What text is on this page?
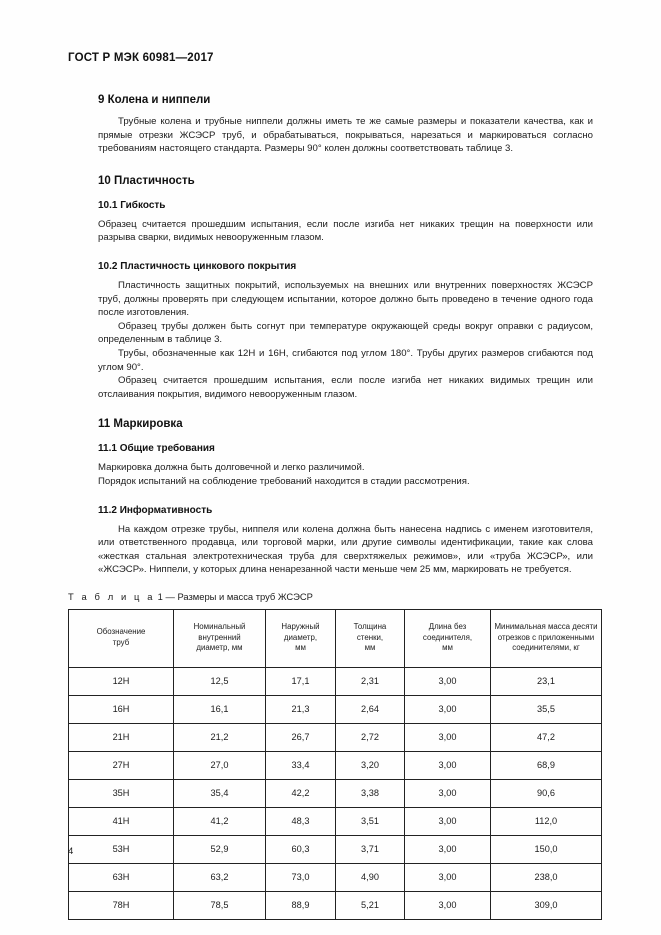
ГОСТ Р МЭК 60981—2017
9 Колена и ниппели

Трубные колена и трубные ниппели должны иметь те же самые размеры и показатели качества, как и прямые отрезки ЖСЭСР труб, и обрабатываться, покрываться, нарезаться и маркироваться согласно требованиям настоящего стандарта. Размеры 90° колен должны соответствовать таблице 3.

10 Пластичность
10.1 Гибкость

Образец считается прошедшим испытания, если после изгиба нет никаких трещин на поверхности или разрыва сварки, видимых невооруженным глазом.

10.2 Пластичность цинкового покрытия

Пластичность защитных покрытий, используемых на внешних или внутренних поверхностях ЖСЭСР труб, должны проверять при следующем испытании, которое должно быть проведено в течение одного года после изготовления.

Образец трубы должен быть согнут при температуре окружающей среды вокруг оправки с радиусом, определенным в таблице 3.

Трубы, обозначенные как 12Н и 16Н, сгибаются под углом 180°. Трубы других размеров сгибаются под углом 90°.

Образец считается прошедшим испытания, если после изгиба нет никаких видимых трещин или отслаивания покрытия, видимого невооруженным глазом.

11 Маркировка
11.1 Общие требования

Маркировка должна быть долговечной и легко различимой.

Порядок испытаний на соблюдение требований находится в стадии рассмотрения.

11.2 Информативность

На каждом отрезке трубы, ниппеля или колена должна быть нанесена надпись с именем изготовителя, или ответственного продавца, или торговой марки, или другие символы идентификации, такие как слова «жесткая стальная электротехническая труба для сверхтяжелых режимов», или «труба ЖСЭСР», или «ЖСЭСР». Ниппели, у которых длина ненарезанной части меньше чем 25 мм, маркировать не требуется.

Т а б л и ц а 1 — Размеры и масса труб ЖСЭСР
Обозначение
труб	Номинальный
внутренний
диаметр, мм	Наружный
диаметр,
мм	Толщина
стенки,
мм	Длина без
соединителя,
мм	Минимальная масса десяти
отрезков с приложенными
соединителями, кг
12Н	12,5	17,1	2,31	3,00	23,1
16Н	16,1	21,3	2,64	3,00	35,5
21Н	21,2	26,7	2,72	3,00	47,2
27Н	27,0	33,4	3,20	3,00	68,9
35Н	35,4	42,2	3,38	3,00	90,6
41Н	41,2	48,3	3,51	3,00	112,0
53Н	52,9	60,3	3,71	3,00	150,0
63Н	63,2	73,0	4,90	3,00	238,0
78Н	78,5	88,9	5,21	3,00	309,0
4
